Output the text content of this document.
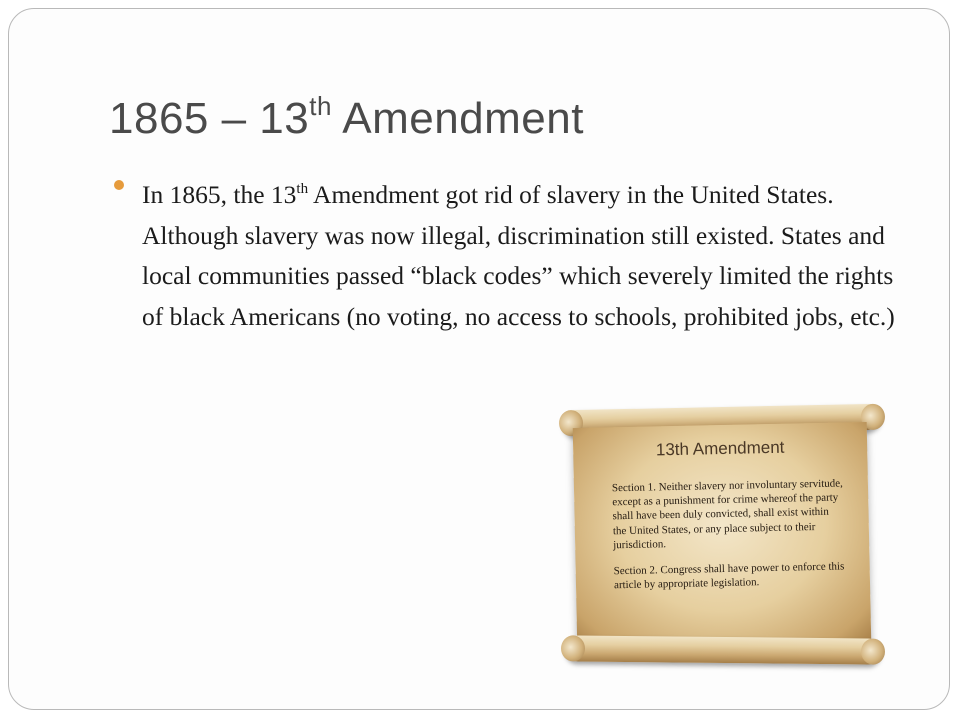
1865 – 13th Amendment

In 1865, the 13th Amendment got rid of slavery in the United States. Although slavery was now illegal, discrimination still existed. States and local communities passed “black codes” which severely limited the rights of black Americans (no voting, no access to schools, prohibited jobs, etc.)

13th Amendment

Section 1. Neither slavery nor involuntary servitude, except as a punishment for crime whereof the party shall have been duly convicted, shall exist within the United States, or any place subject to their jurisdiction.

Section 2. Congress shall have power to enforce this article by appropriate legislation.
